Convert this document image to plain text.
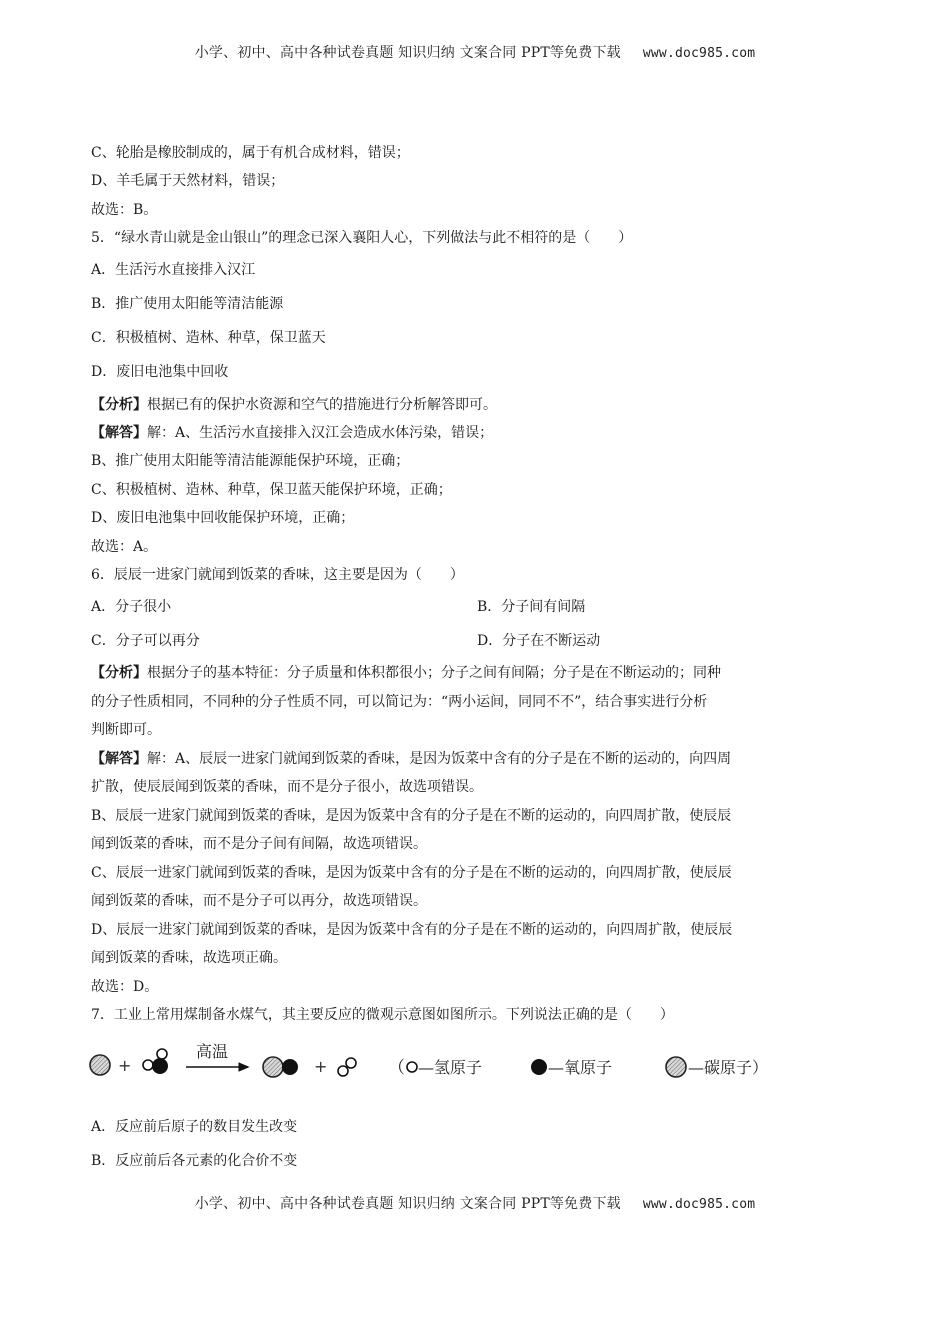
小学、初中、高中各种试卷真题 知识归纳 文案合同 PPT等免费下载 www.doc985.com
C、轮胎是橡胶制成的，属于有机合成材料，错误；
D、羊毛属于天然材料，错误；
故选：B。
5．“绿水青山就是金山银山”的理念已深入襄阳人心，下列做法与此不相符的是（　　）
A．生活污水直接排入汉江
B．推广使用太阳能等清洁能源
C．积极植树、造林、种草，保卫蓝天
D．废旧电池集中回收
【分析】根据已有的保护水资源和空气的措施进行分析解答即可。
【解答】解：A、生活污水直接排入汉江会造成水体污染，错误；
B、推广使用太阳能等清洁能源能保护环境，正确；
C、积极植树、造林、种草，保卫蓝天能保护环境，正确；
D、废旧电池集中回收能保护环境，正确；
故选：A。
6．辰辰一进家门就闻到饭菜的香味，这主要是因为（　　）
A．分子很小	B．分子间有间隔
C．分子可以再分	D．分子在不断运动
【分析】根据分子的基本特征：分子质量和体积都很小；分子之间有间隔；分子是在不断运动的；同种
的分子性质相同，不同种的分子性质不同，可以简记为：“两小运间，同同不不”，结合事实进行分析
判断即可。
【解答】解：A、辰辰一进家门就闻到饭菜的香味，是因为饭菜中含有的分子是在不断的运动的，向四周
扩散，使辰辰闻到饭菜的香味，而不是分子很小，故选项错误。
B、辰辰一进家门就闻到饭菜的香味，是因为饭菜中含有的分子是在不断的运动的，向四周扩散，使辰辰
闻到饭菜的香味，而不是分子间有间隔，故选项错误。
C、辰辰一进家门就闻到饭菜的香味，是因为饭菜中含有的分子是在不断的运动的，向四周扩散，使辰辰
闻到饭菜的香味，而不是分子可以再分，故选项错误。
D、辰辰一进家门就闻到饭菜的香味，是因为饭菜中含有的分子是在不断的运动的，向四周扩散，使辰辰
闻到饭菜的香味，故选项正确。
故选：D。
7．工业上常用煤制备水煤气，其主要反应的微观示意图如图所示。下列说法正确的是（　　）
A．反应前后原子的数目发生改变
B．反应前后各元素的化合价不变
+
高温
+	（ —氢原子	—氧原子	—碳原子）
小学、初中、高中各种试卷真题 知识归纳 文案合同 PPT等免费下载 www.doc985.com
